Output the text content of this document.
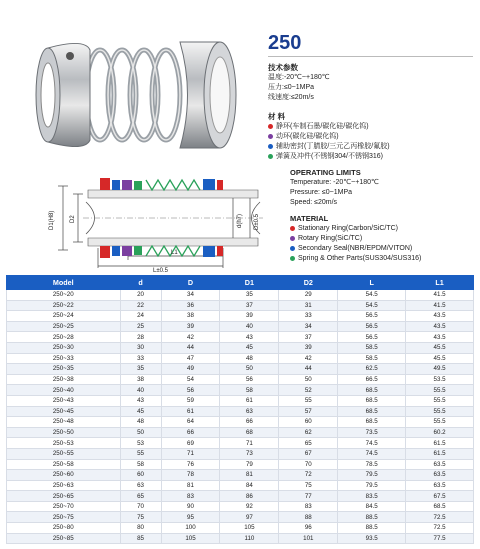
250
技术参数
温度:-20℃~+180℃
压力:≤0~1MPa
线速度:≤20m/s
材 料
静环(车制石墨/碳化硅/碳化钨)
动环(碳化硅/碳化钨)
辅助密封(丁腈胶/三元乙丙橡胶/氟胶)
弹簧及冲件(不锈钢304/不锈钢316)
D1(H8)	D2	d(h7) D±0.5
L1
L±0.5
OPERATING LIMITS
Temperature: -20℃~+180℃
Pressure: ≤0~1MPa
Speed: ≤20m/s
MATERIAL
Stationary Ring(Carbon/SiC/TC)
Rotary Ring(SiC/TC)
Secondary Seal(NBR/EPDM/VITON)
Spring & Other Parts(SUS304/SUS316)
Model	d	D	D1	D2	L	L1
250~20	20	34	35	29	54.5	41.5
250~22	22	36	37	31	54.5	41.5
250~24	24	38	39	33	56.5	43.5
250~25	25	39	40	34	56.5	43.5
250~28	28	42	43	37	56.5	43.5
250~30	30	44	45	39	58.5	45.5
250~33	33	47	48	42	58.5	45.5
250~35	35	49	50	44	62.5	49.5
250~38	38	54	56	50	66.5	53.5
250~40	40	56	58	52	68.5	55.5
250~43	43	59	61	55	68.5	55.5
250~45	45	61	63	57	68.5	55.5
250~48	48	64	66	60	68.5	55.5
250~50	50	66	68	62	73.5	60.2
250~53	53	69	71	65	74.5	61.5
250~55	55	71	73	67	74.5	61.5
250~58	58	76	79	70	78.5	63.5
250~60	60	78	81	72	79.5	63.5
250~63	63	81	84	75	79.5	63.5
250~65	65	83	86	77	83.5	67.5
250~70	70	90	92	83	84.5	68.5
250~75	75	95	97	88	88.5	72.5
250~80	80	100	105	96	88.5	72.5
250~85	85	105	110	101	93.5	77.5
